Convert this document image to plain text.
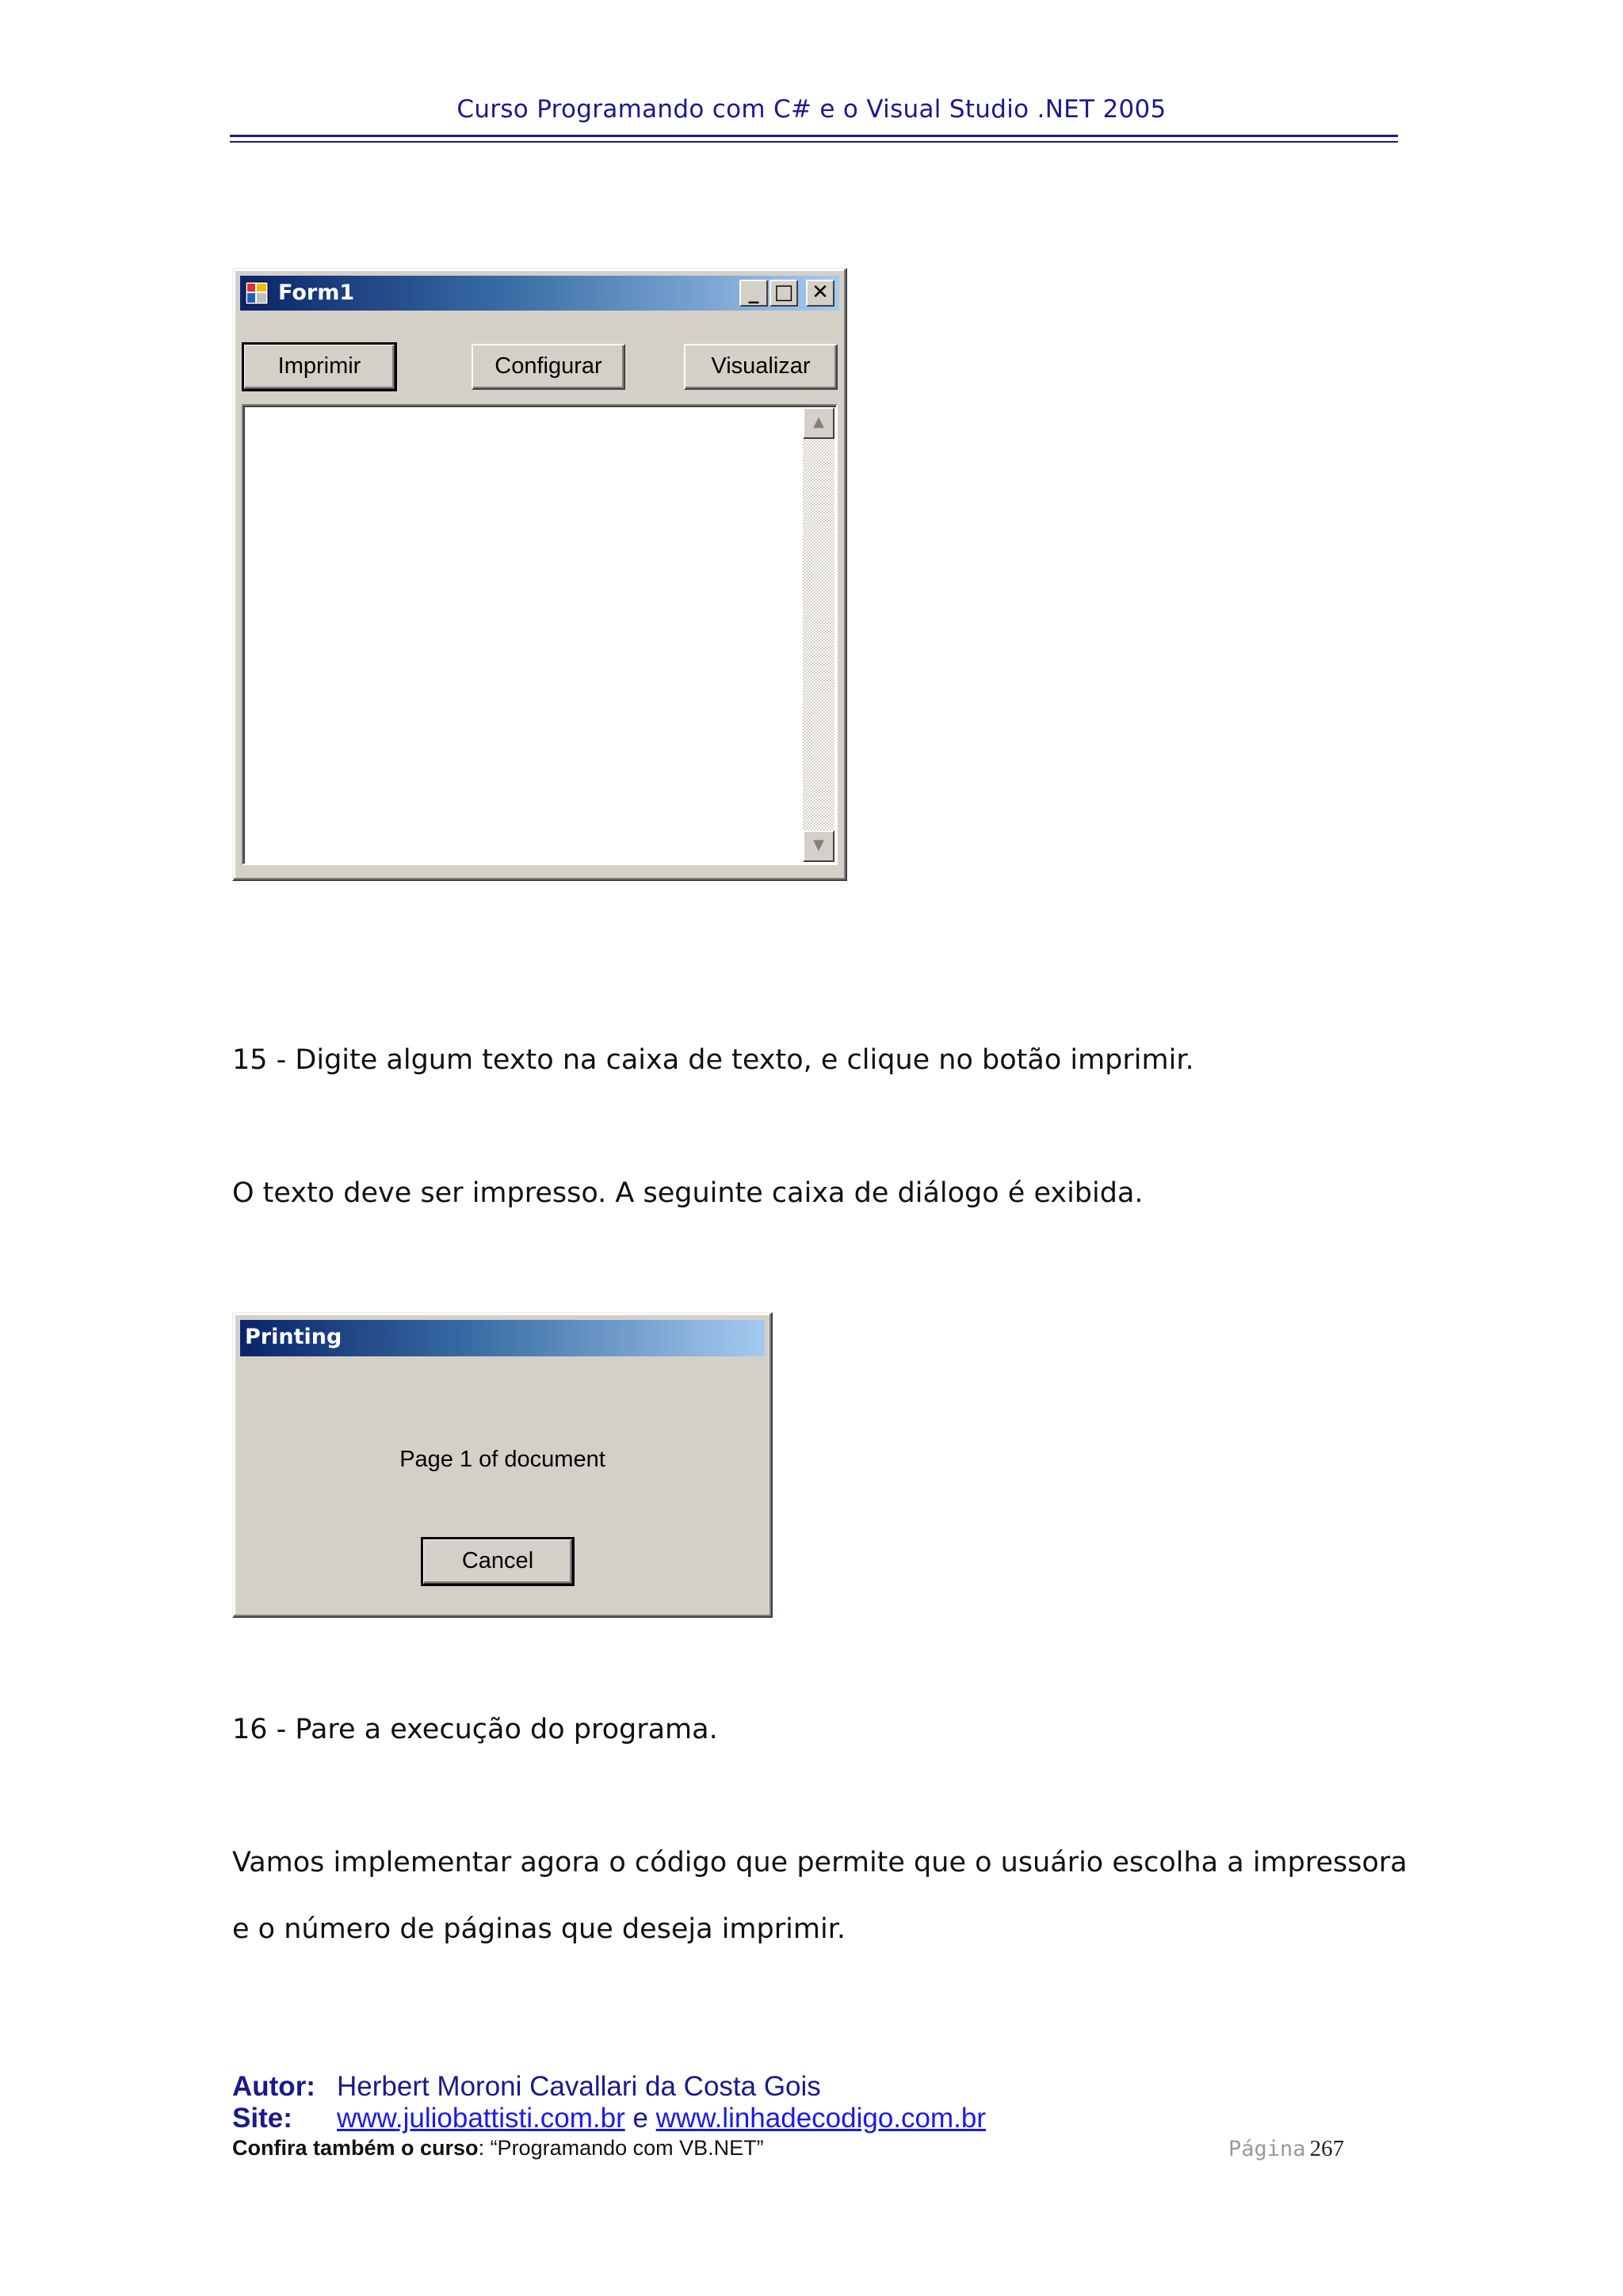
Curso Programando com C# e o Visual Studio .NET 2005
Form1	_ □ ✕
Imprimir	Configurar	Visualizar
▲
▼
15 - Digite algum texto na caixa de texto, e clique no botão imprimir.
O texto deve ser impresso. A seguinte caixa de diálogo é exibida.
Printing
Page 1 of document
Cancel
16 - Pare a execução do programa.
Vamos implementar agora o código que permite que o usuário escolha a impressora
e o número de páginas que deseja imprimir.
Autor: Herbert Moroni Cavallari da Costa Gois
Site: www.juliobattisti.com.br e www.linhadecodigo.com.br
Confira também o curso: “Programando com VB.NET”	Página 267
